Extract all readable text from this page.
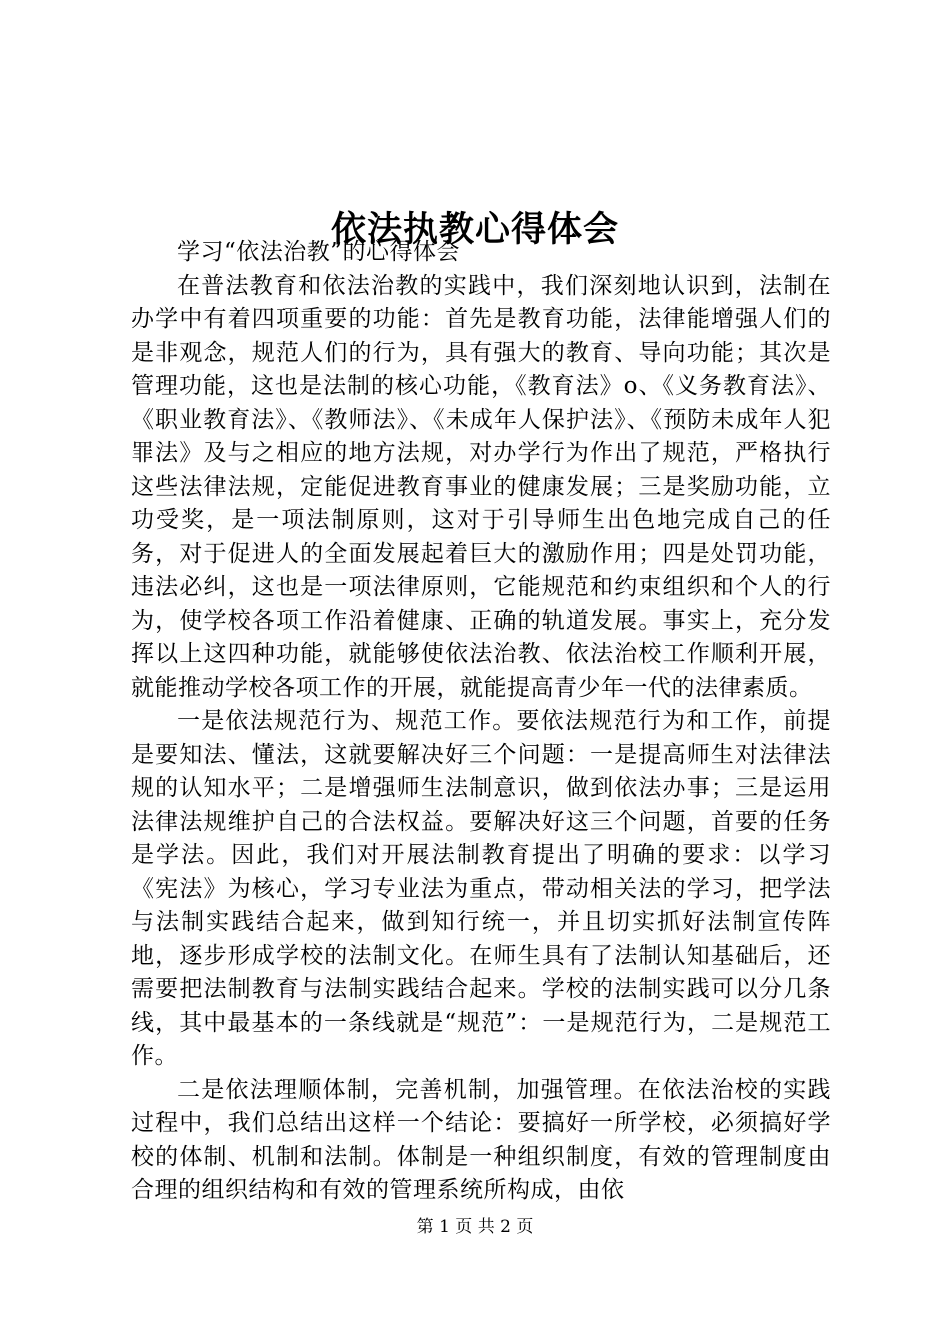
依法执教心得体会

学习“依法治教”的心得体会

在普法教育和依法治教的实践中，我们深刻地认识到，法制在办学中有着四项重要的功能：首先是教育功能，法律能增强人们的是非观念，规范人们的行为，具有强大的教育、导向功能；其次是管理功能，这也是法制的核心功能，《教育法》o、《义务教育法》、《职业教育法》、《教师法》、《未成年人保护法》、《预防未成年人犯罪法》及与之相应的地方法规，对办学行为作出了规范，严格执行这些法律法规，定能促进教育事业的健康发展；三是奖励功能，立功受奖，是一项法制原则，这对于引导师生出色地完成自己的任务，对于促进人的全面发展起着巨大的激励作用；四是处罚功能，违法必纠，这也是一项法律原则，它能规范和约束组织和个人的行为，使学校各项工作沿着健康、正确的轨道发展。事实上，充分发挥以上这四种功能，就能够使依法治教、依法治校工作顺利开展，就能推动学校各项工作的开展，就能提高青少年一代的法律素质。

一是依法规范行为、规范工作。要依法规范行为和工作，前提是要知法、懂法，这就要解决好三个问题：一是提高师生对法律法规的认知水平；二是增强师生法制意识，做到依法办事；三是运用法律法规维护自己的合法权益。要解决好这三个问题，首要的任务是学法。因此，我们对开展法制教育提出了明确的要求：以学习《宪法》为核心，学习专业法为重点，带动相关法的学习，把学法与法制实践结合起来，做到知行统一，并且切实抓好法制宣传阵地，逐步形成学校的法制文化。在师生具有了法制认知基础后，还需要把法制教育与法制实践结合起来。学校的法制实践可以分几条线，其中最基本的一条线就是“规范”：一是规范行为，二是规范工作。

二是依法理顺体制，完善机制，加强管理。在依法治校的实践过程中，我们总结出这样一个结论：要搞好一所学校，必须搞好学校的体制、机制和法制。体制是一种组织制度，有效的管理制度由合理的组织结构和有效的管理系统所构成，由依

第 1 页 共 2 页
